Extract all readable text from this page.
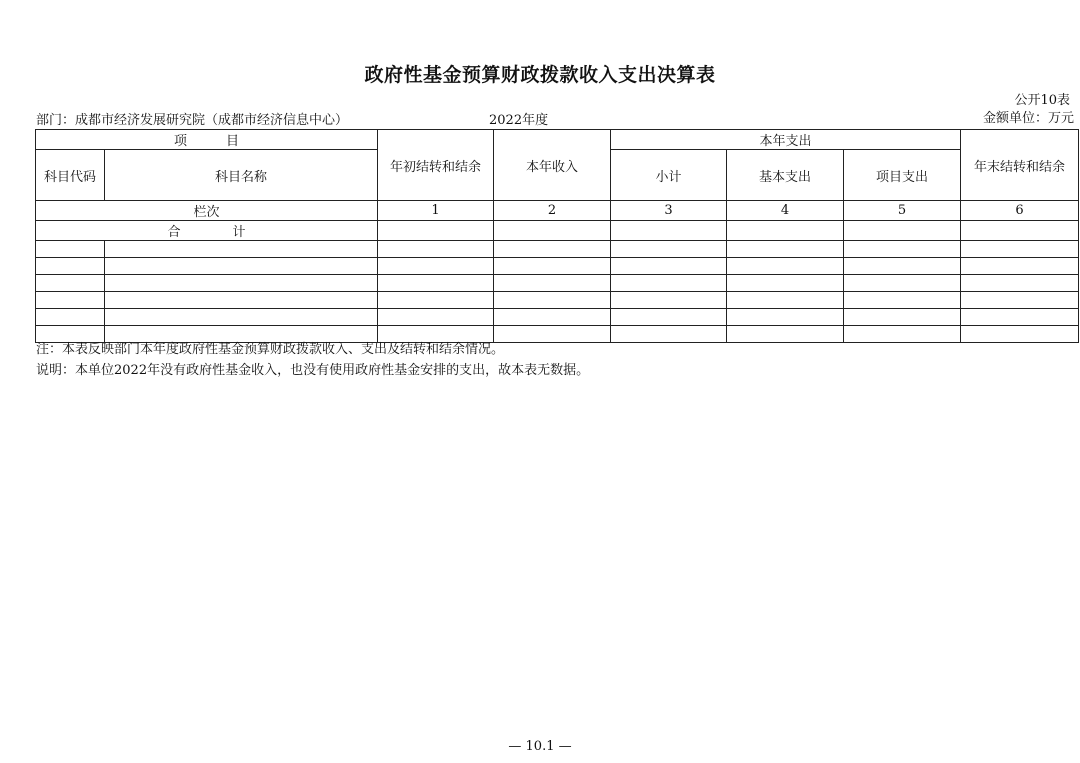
政府性基金预算财政拨款收入支出决算表
公开10表
部门：成都市经济发展研究院（成都市经济信息中心）	2022年度	金额单位：万元
项　　　目		年初结转和结余	本年收入	本年支出			年末结转和结余
科目代码	科目名称			小计	基本支出	项目支出	
栏次		1	2	3	4	5	6
合　　　　计							

注：本表反映部门本年度政府性基金预算财政拨款收入、支出及结转和结余情况。
说明：本单位2022年没有政府性基金收入，也没有使用政府性基金安排的支出，故本表无数据。
— 10.1 —
